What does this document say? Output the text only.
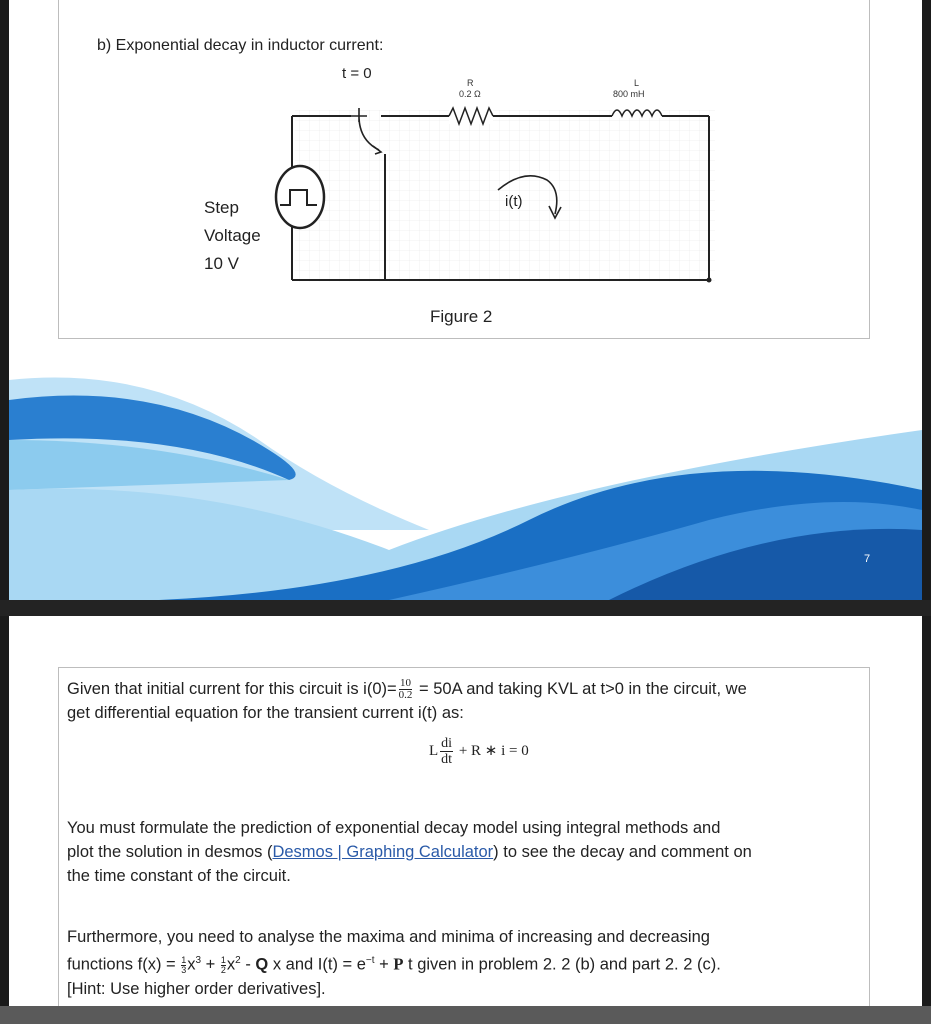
b) Exponential decay in inductor current:
t = 0
R
0.2 Ω
L
800 mH
Step
Voltage
10 V
i(t)
Figure 2
7
Given that initial current for this circuit is $i(0)= \frac{10}{0.2} = 50A$ and taking KVL at t>0 in the circuit, we
get differential equation for the transient current i(t) as:
L $\frac{di}{dt} + R$ ∗ i = 0
You must formulate the prediction of exponential decay model using integral methods and
plot the solution in desmos (Desmos | Graphing Calculator) to see the decay and comment on
the time constant of the circuit.
Furthermore, you need to analyse the maxima and minima of increasing and decreasing
functions $f(x) = \frac{1}{3}x^3 + \frac{1}{2}x^2 - Q$ x and $I(t) = e^{-t} + P$ t given in problem 2. 2 (b) and part 2. 2 (c).
[Hint: Use higher order derivatives].
